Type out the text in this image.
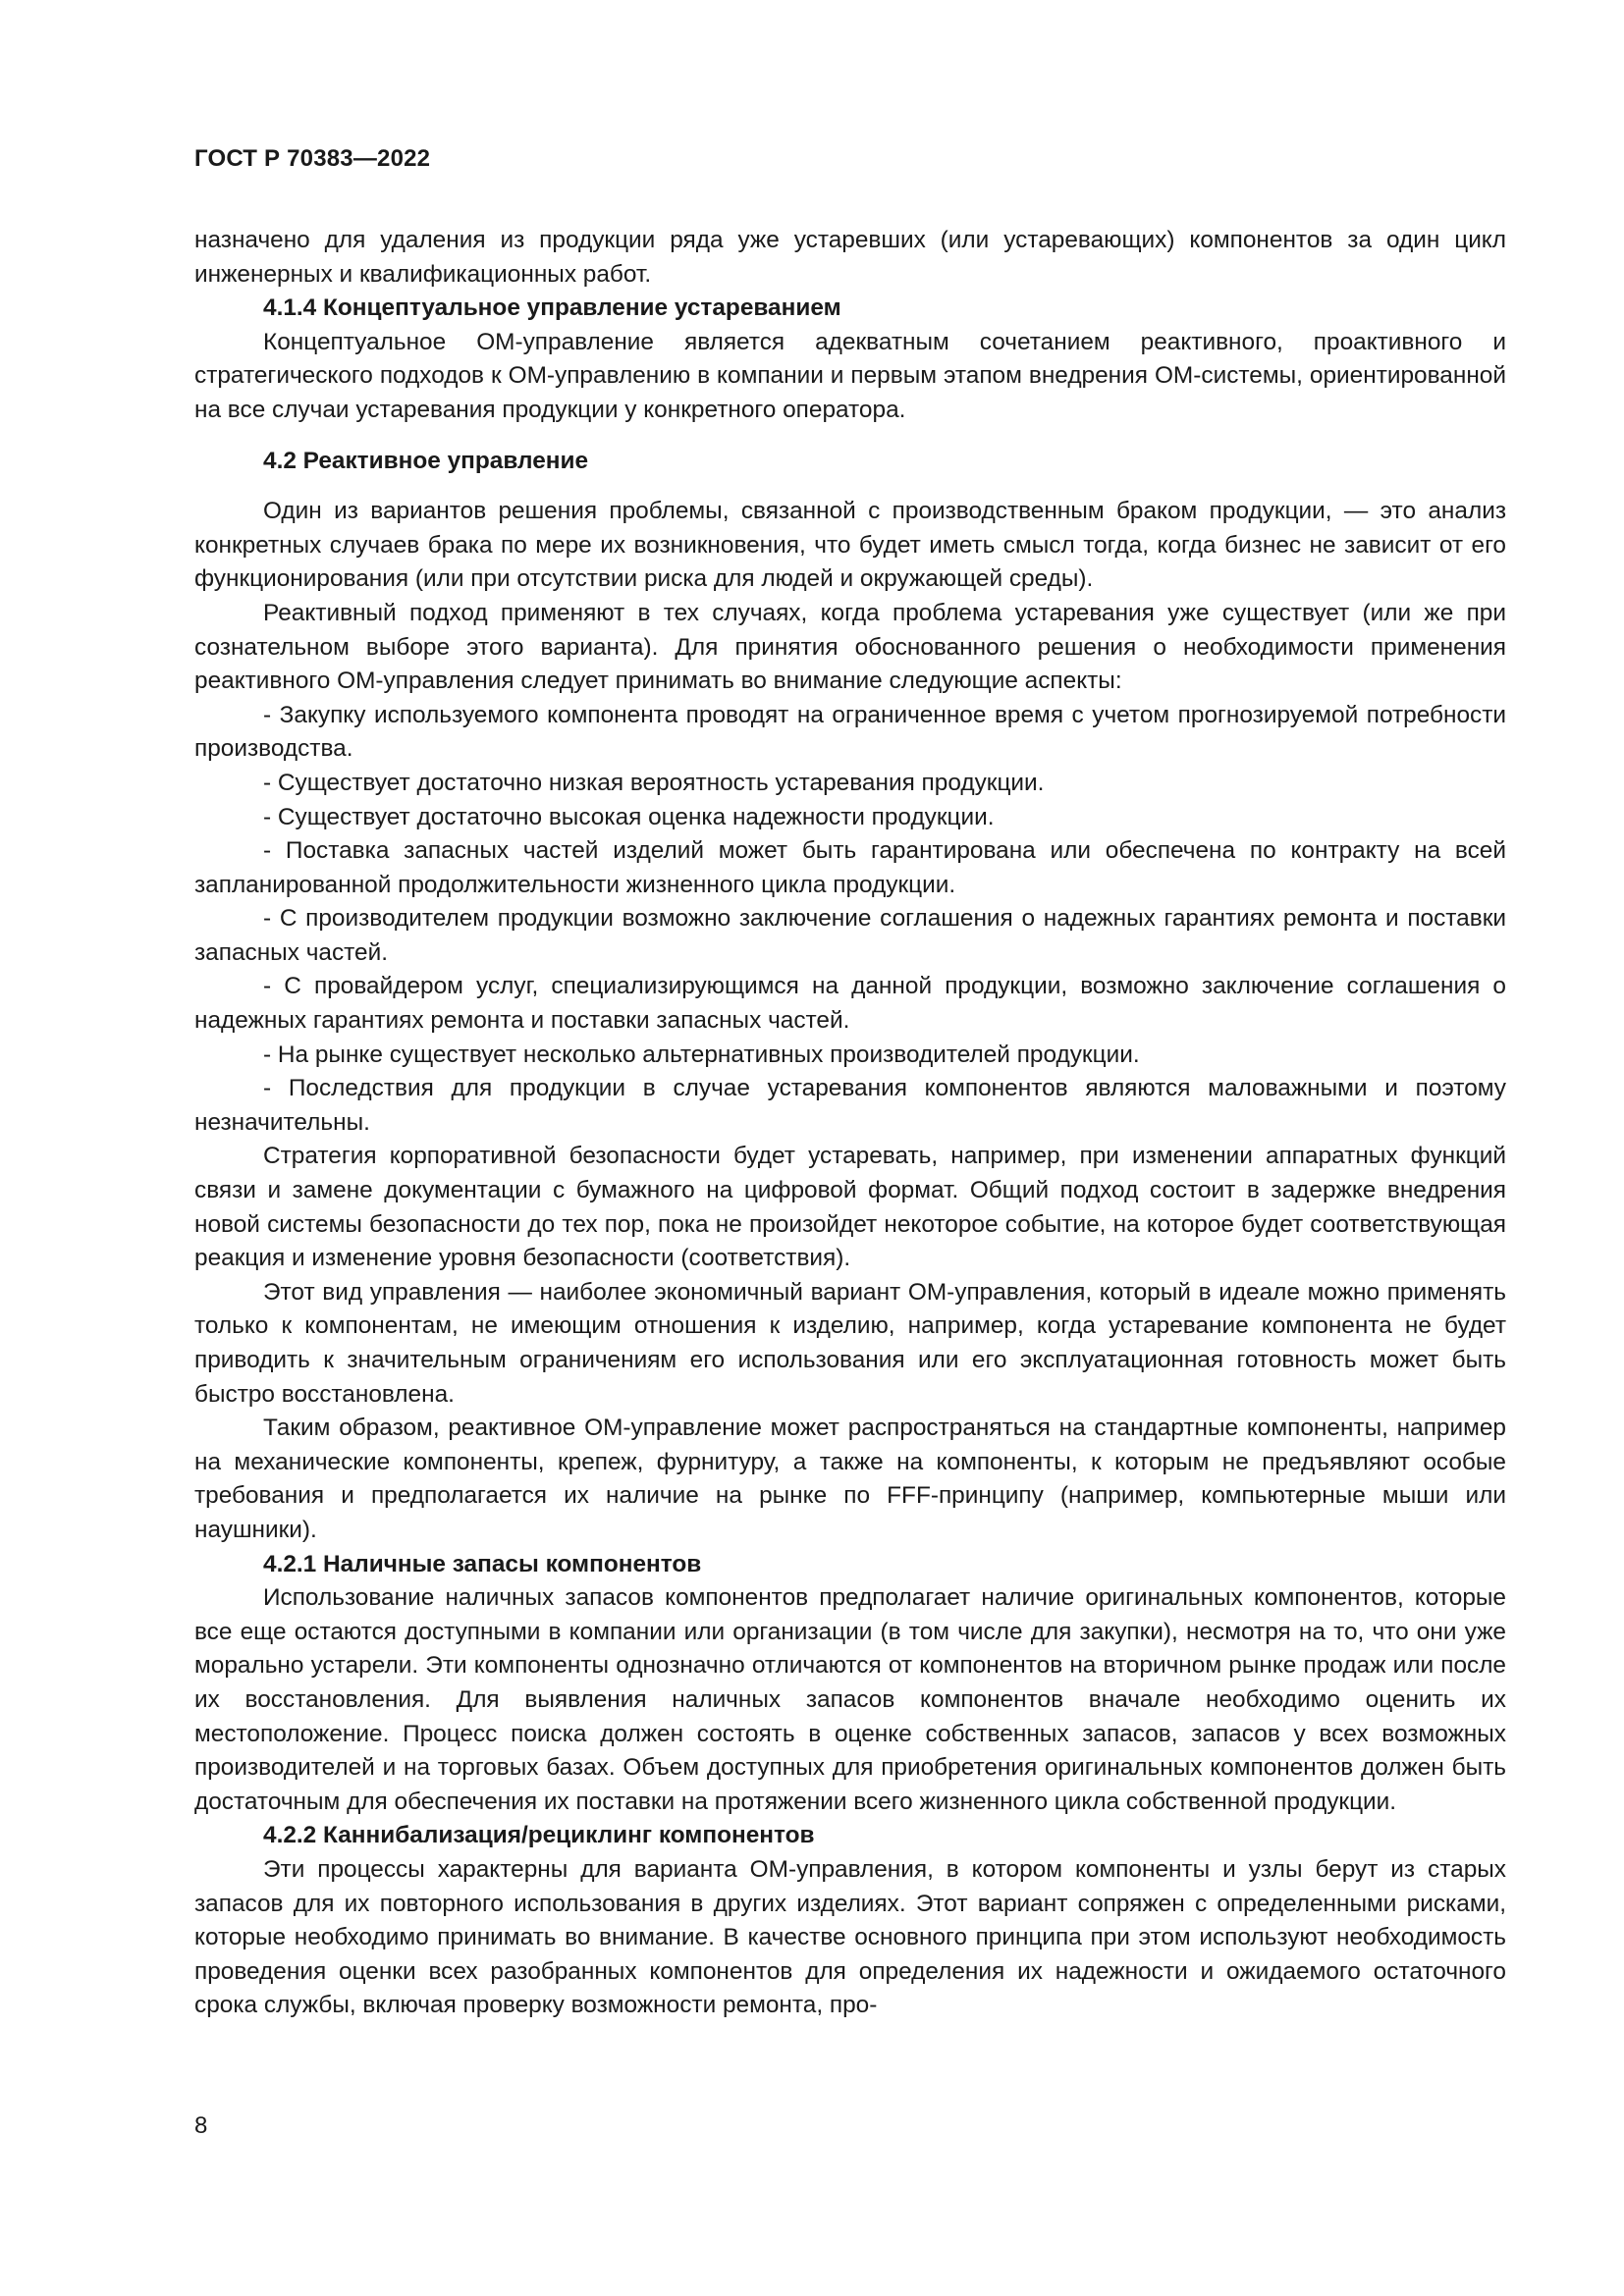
ГОСТ Р 70383—2022

назначено для удаления из продукции ряда уже устаревших (или устаревающих) компонентов за один цикл инженерных и квалификационных работ.

4.1.4 Концептуальное управление устареванием

Концептуальное ОМ-управление является адекватным сочетанием реактивного, проактивного и стратегического подходов к ОМ-управлению в компании и первым этапом внедрения ОМ-системы, ориентированной на все случаи устаревания продукции у конкретного оператора.

4.2 Реактивное управление

Один из вариантов решения проблемы, связанной с производственным браком продукции, — это анализ конкретных случаев брака по мере их возникновения, что будет иметь смысл тогда, когда бизнес не зависит от его функционирования (или при отсутствии риска для людей и окружающей среды).

Реактивный подход применяют в тех случаях, когда проблема устаревания уже существует (или же при сознательном выборе этого варианта). Для принятия обоснованного решения о необходимости применения реактивного ОМ-управления следует принимать во внимание следующие аспекты:

- Закупку используемого компонента проводят на ограниченное время с учетом прогнозируемой потребности производства.

- Существует достаточно низкая вероятность устаревания продукции.

- Существует достаточно высокая оценка надежности продукции.

- Поставка запасных частей изделий может быть гарантирована или обеспечена по контракту на всей запланированной продолжительности жизненного цикла продукции.

- С производителем продукции возможно заключение соглашения о надежных гарантиях ремонта и поставки запасных частей.

- С провайдером услуг, специализирующимся на данной продукции, возможно заключение соглашения о надежных гарантиях ремонта и поставки запасных частей.

- На рынке существует несколько альтернативных производителей продукции.

- Последствия для продукции в случае устаревания компонентов являются маловажными и поэтому незначительны.

Стратегия корпоративной безопасности будет устаревать, например, при изменении аппаратных функций связи и замене документации с бумажного на цифровой формат. Общий подход состоит в задержке внедрения новой системы безопасности до тех пор, пока не произойдет некоторое событие, на которое будет соответствующая реакция и изменение уровня безопасности (соответствия).

Этот вид управления — наиболее экономичный вариант ОМ-управления, который в идеале можно применять только к компонентам, не имеющим отношения к изделию, например, когда устаревание компонента не будет приводить к значительным ограничениям его использования или его эксплуатационная готовность может быть быстро восстановлена.

Таким образом, реактивное ОМ-управление может распространяться на стандартные компоненты, например на механические компоненты, крепеж, фурнитуру, а также на компоненты, к которым не предъявляют особые требования и предполагается их наличие на рынке по FFF-принципу (например, компьютерные мыши или наушники).

4.2.1 Наличные запасы компонентов

Использование наличных запасов компонентов предполагает наличие оригинальных компонентов, которые все еще остаются доступными в компании или организации (в том числе для закупки), несмотря на то, что они уже морально устарели. Эти компоненты однозначно отличаются от компонентов на вторичном рынке продаж или после их восстановления. Для выявления наличных запасов компонентов вначале необходимо оценить их местоположение. Процесс поиска должен состоять в оценке собственных запасов, запасов у всех возможных производителей и на торговых базах. Объем доступных для приобретения оригинальных компонентов должен быть достаточным для обеспечения их поставки на протяжении всего жизненного цикла собственной продукции.

4.2.2 Каннибализация/рециклинг компонентов

Эти процессы характерны для варианта ОМ-управления, в котором компоненты и узлы берут из старых запасов для их повторного использования в других изделиях. Этот вариант сопряжен с определенными рисками, которые необходимо принимать во внимание. В качестве основного принципа при этом используют необходимость проведения оценки всех разобранных компонентов для определения их надежности и ожидаемого остаточного срока службы, включая проверку возможности ремонта, про-

8
